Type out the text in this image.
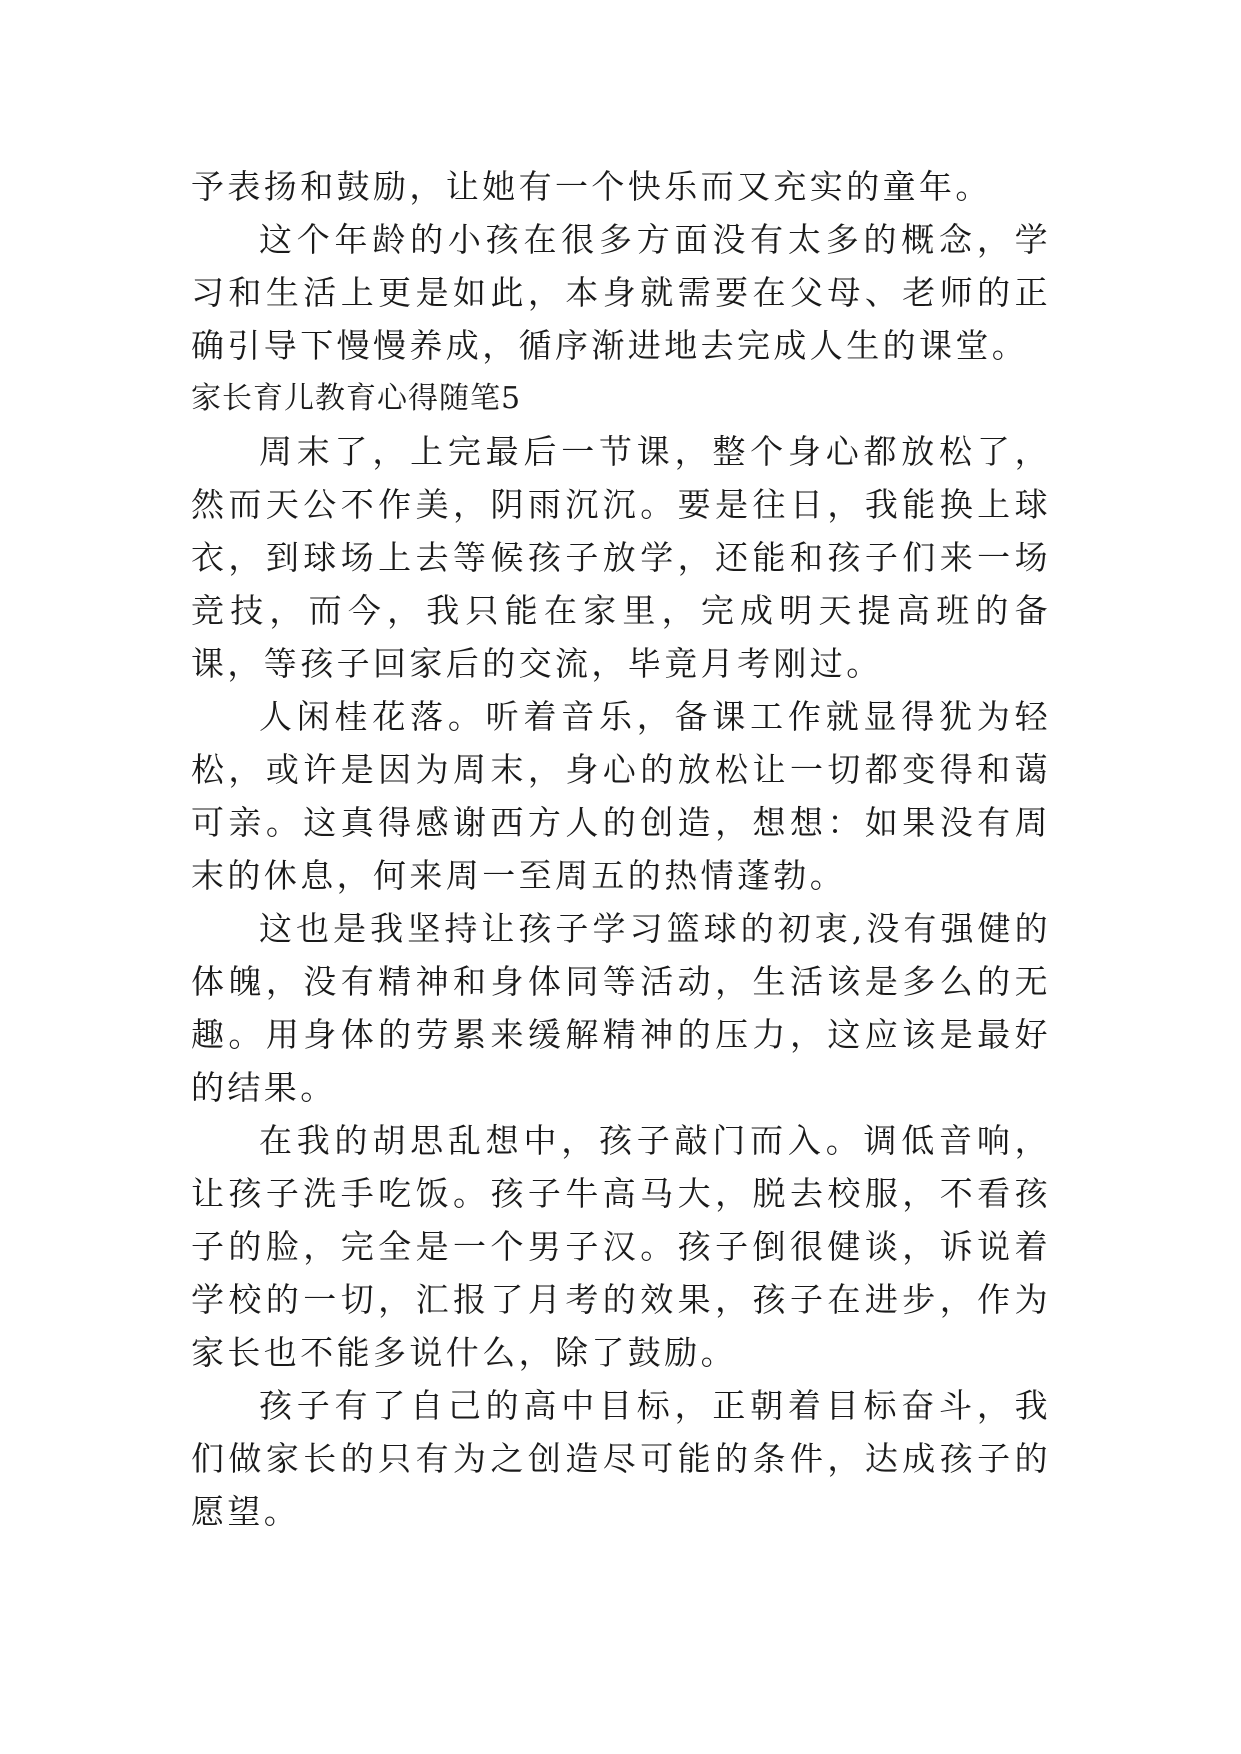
予表扬和鼓励，让她有一个快乐而又充实的童年。

这个年龄的小孩在很多方面没有太多的概念，学习和生活上更是如此，本身就需要在父母、老师的正确引导下慢慢养成，循序渐进地去完成人生的课堂。

家长育儿教育心得随笔5

周末了，上完最后一节课，整个身心都放松了，然而天公不作美，阴雨沉沉。要是往日，我能换上球衣，到球场上去等候孩子放学，还能和孩子们来一场竞技，而今，我只能在家里，完成明天提高班的备课，等孩子回家后的交流，毕竟月考刚过。

人闲桂花落。听着音乐，备课工作就显得犹为轻松，或许是因为周末，身心的放松让一切都变得和蔼可亲。这真得感谢西方人的创造，想想：如果没有周末的休息，何来周一至周五的热情蓬勃。

这也是我坚持让孩子学习篮球的初衷,没有强健的体魄，没有精神和身体同等活动，生活该是多么的无趣。用身体的劳累来缓解精神的压力，这应该是最好的结果。

在我的胡思乱想中，孩子敲门而入。调低音响，让孩子洗手吃饭。孩子牛高马大，脱去校服，不看孩子的脸，完全是一个男子汉。孩子倒很健谈，诉说着学校的一切，汇报了月考的效果，孩子在进步，作为家长也不能多说什么，除了鼓励。

孩子有了自己的高中目标，正朝着目标奋斗，我们做家长的只有为之创造尽可能的条件，达成孩子的愿望。
